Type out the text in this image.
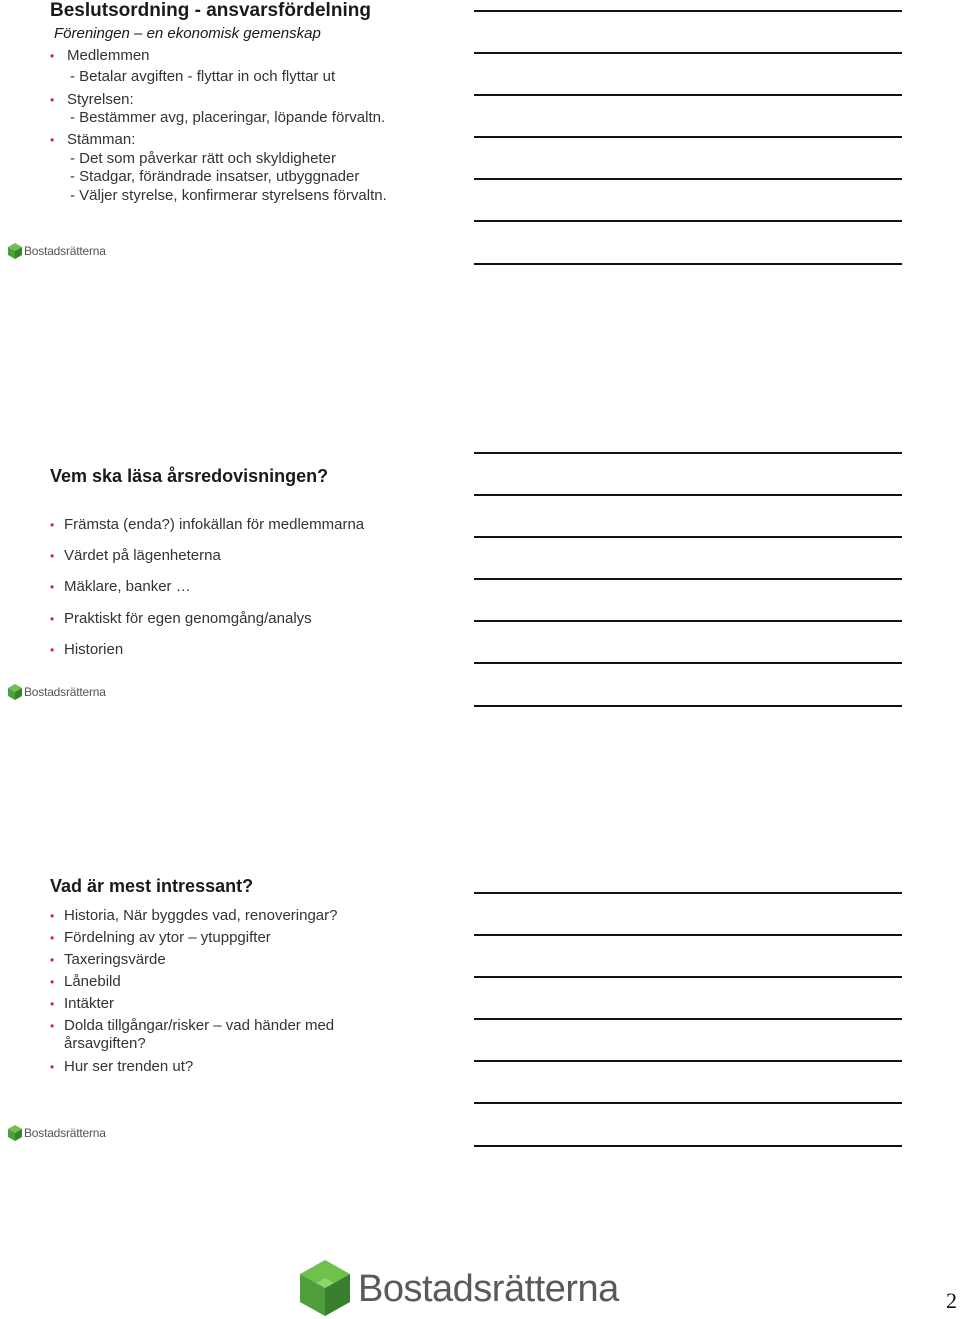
Beslutsordning - ansvarsfördelning
Föreningen – en ekonomisk gemenskap
• Medlemmen
- Betalar avgiften - flyttar in och flyttar ut
• Styrelsen:
- Bestämmer avg, placeringar, löpande förvaltn.
• Stämman:
- Det som påverkar rätt och skyldigheter
- Stadgar, förändrade insatser, utbyggnader
- Väljer styrelse, konfirmerar styrelsens förvaltn.
Bostadsrätterna
Vem ska läsa årsredovisningen?
• Främsta (enda?) infokällan för medlemmarna
• Värdet på lägenheterna
• Mäklare, banker …
• Praktiskt för egen genomgång/analys
• Historien
Bostadsrätterna
Vad är mest intressant?
• Historia, När byggdes vad, renoveringar?
• Fördelning av ytor – ytuppgifter
• Taxeringsvärde
• Lånebild
• Intäkter
• Dolda tillgångar/risker – vad händer med
årsavgiften?
• Hur ser trenden ut?
Bostadsrätterna
Bostadsrätterna	2
